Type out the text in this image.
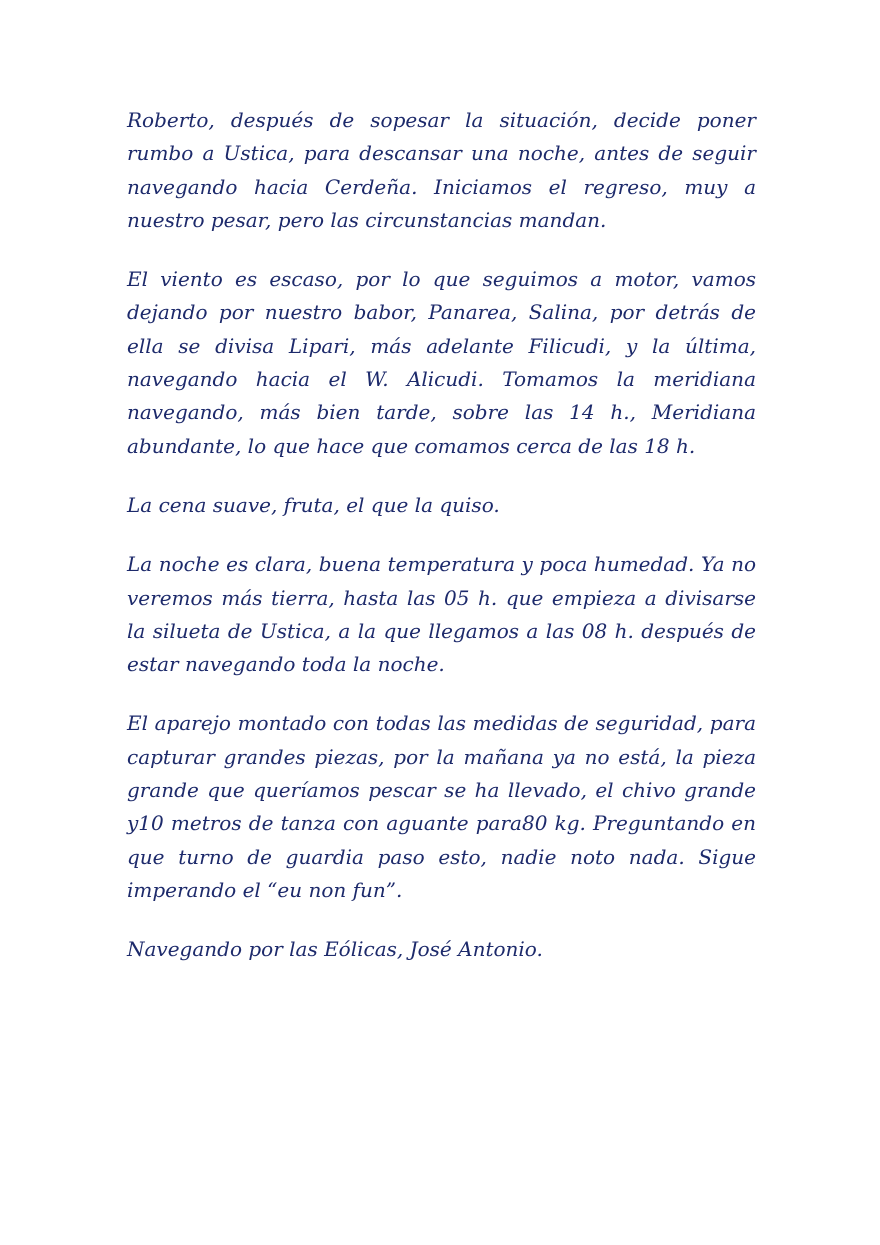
Roberto, después de sopesar la situación, decide poner rumbo a Ustica, para descansar una noche, antes de seguir navegando hacia Cerdeña. Iniciamos el regreso, muy a nuestro pesar, pero las circunstancias mandan.

El viento es escaso, por lo que seguimos a motor, vamos dejando por nuestro babor, Panarea, Salina, por detrás de ella se divisa Lipari, más adelante Filicudi, y la última, navegando hacia el W. Alicudi. Tomamos la meridiana navegando, más bien tarde, sobre las 14 h., Meridiana abundante, lo que hace que comamos cerca de las 18 h.

La cena suave, fruta, el que la quiso.

La noche es clara, buena temperatura y poca humedad. Ya no veremos más tierra, hasta las 05 h. que empieza a divisarse la silueta de Ustica, a la que llegamos a las 08 h. después de estar navegando toda la noche.

El aparejo montado con todas las medidas de seguridad, para capturar grandes piezas, por la mañana ya no está, la pieza grande que queríamos pescar se ha llevado, el chivo grande y10 metros de tanza con aguante para80 kg. Preguntando en que turno de guardia paso esto, nadie noto nada. Sigue imperando el “eu non fun”.

Navegando por las Eólicas, José Antonio.
